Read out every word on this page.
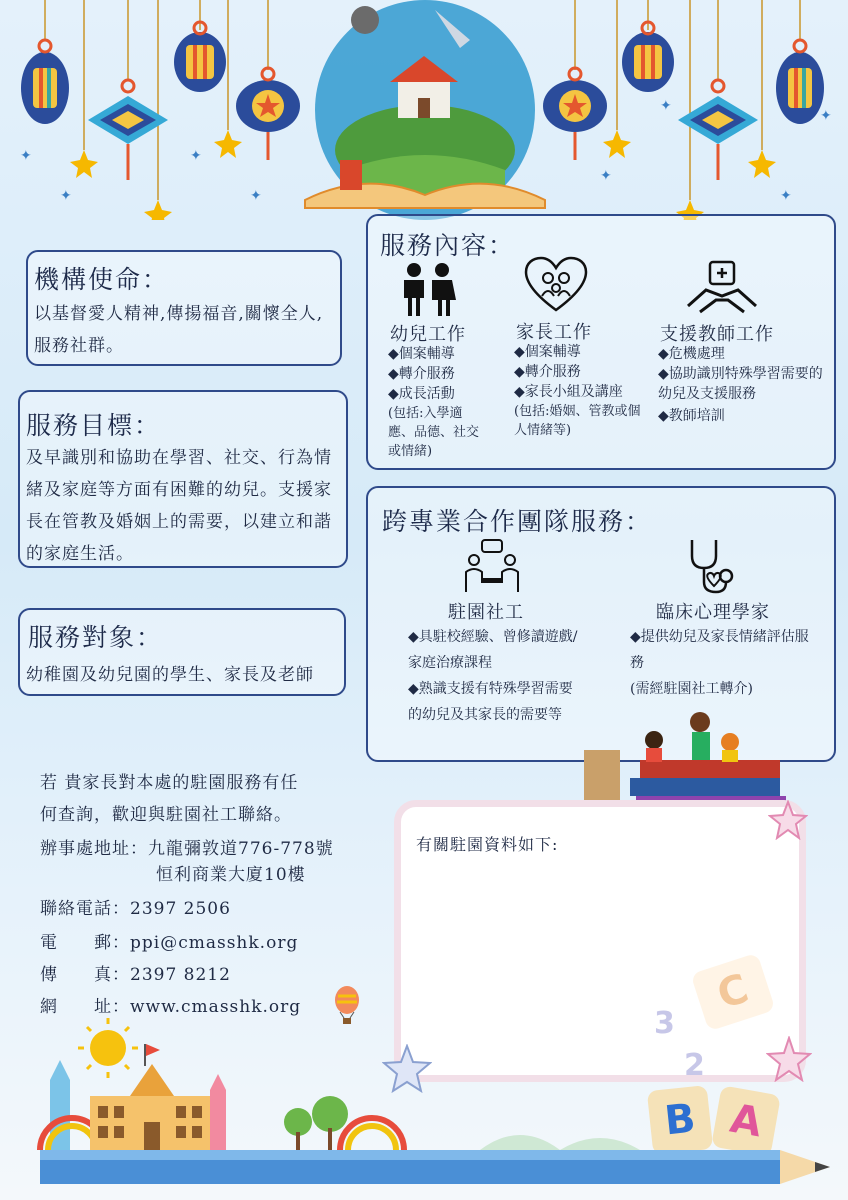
✦
✦
✦
✦
✦
✦
✦
✦
機構使命：
以基督愛人精神,傳揚福音,關懷全人,服務社群。
服務目標：
及早識別和協助在學習、社交、行為情緒及家庭等方面有困難的幼兒。支援家長在管教及婚姻上的需要，以建立和諧的家庭生活。
服務對象：
幼稚園及幼兒園的學生、家長及老師
服務內容：
幼兒工作
◆個案輔導
◆轉介服務
◆成長活動
(包括:入學適應、品德、社交或情緒)
家長工作
◆個案輔導
◆轉介服務
◆家長小組及講座
(包括:婚姻、管教或個人情緒等)
支援教師工作
◆危機處理
◆協助識別特殊學習需要的幼兒及支援服務
◆教師培訓
跨專業合作團隊服務：
駐園社工
◆具駐校經驗、曾修讀遊戲/家庭治療課程
◆熟識支援有特殊學習需要的幼兒及其家長的需要等
臨床心理學家
◆提供幼兒及家長情緒評估服務
(需經駐園社工轉介)
若 貴家長對本處的駐園服務有任
何查詢，歡迎與駐園社工聯絡。
辦事處地址：九龍彌敦道776-778號
恒利商業大廈10樓
聯絡電話：2397 2506
電　　郵：ppi@cmasshk.org
傳　　真：2397 8212
網　　址：www.cmasshk.org
有關駐園資料如下:
C
3
2
B A
